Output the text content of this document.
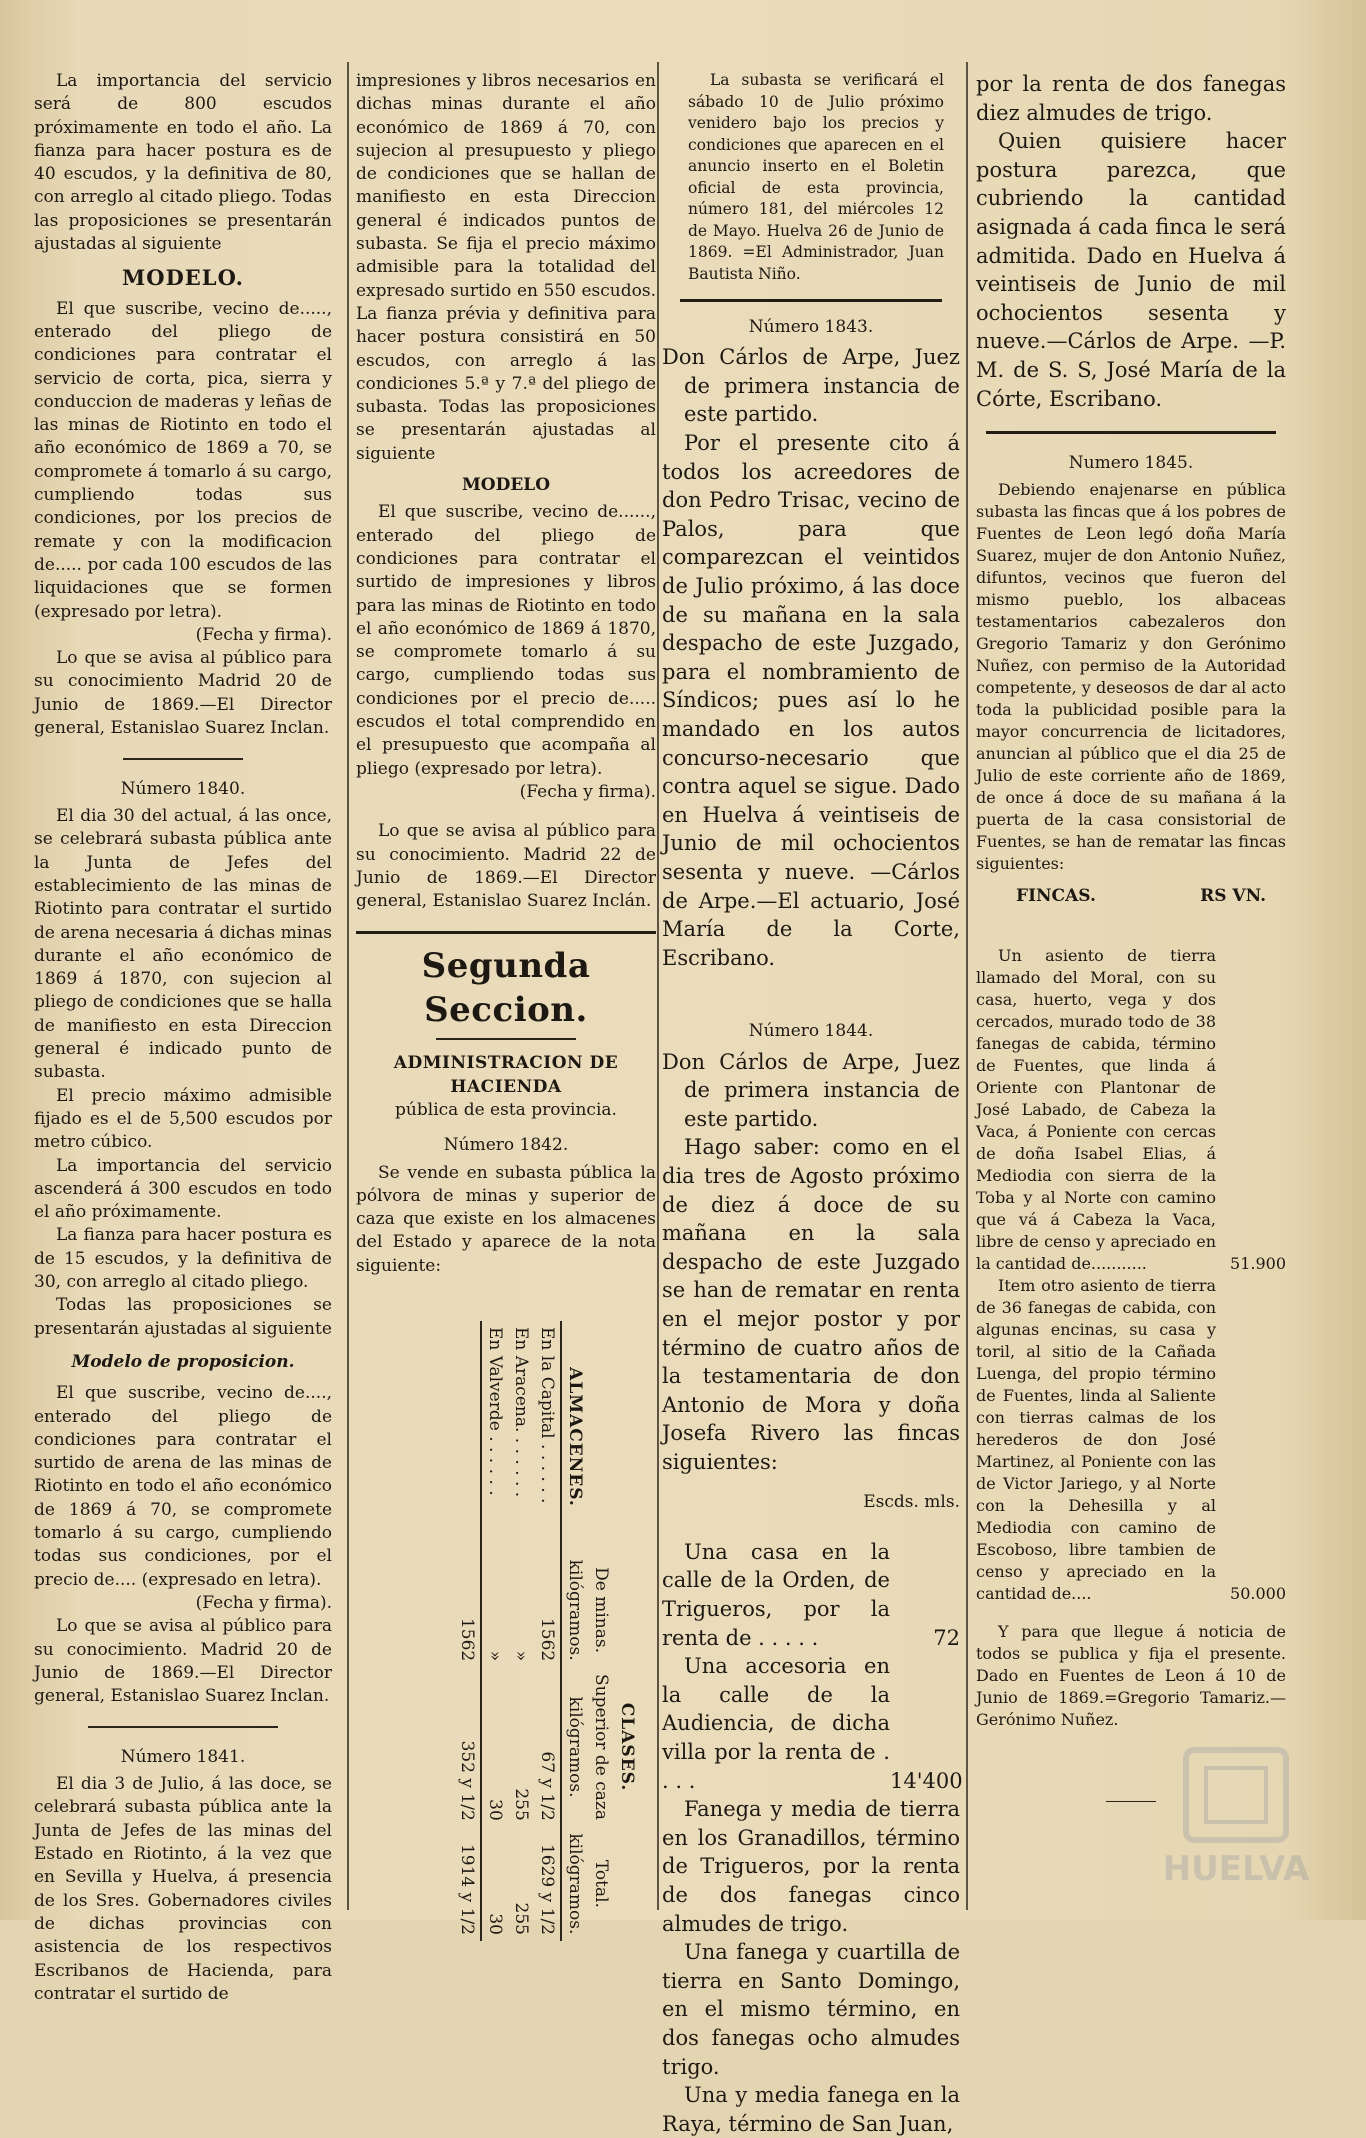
La importancia del servicio será de 800 escudos próximamente en todo el año. La fianza para hacer postura es de 40 escudos, y la definitiva de 80, con arreglo al citado pliego. Todas las proposiciones se presentarán ajustadas al siguiente

MODELO.

El que suscribe, vecino de....., enterado del pliego de condiciones para contratar el servicio de corta, pica, sierra y conduccion de maderas y leñas de las minas de Riotinto en todo el año económico de 1869 a 70, se compromete á tomarlo á su cargo, cumpliendo todas sus condiciones, por los precios de remate y con la modificacion de..... por cada 100 escudos de las liquidaciones que se formen (expresado por letra).

(Fecha y firma).

Lo que se avisa al público para su conocimiento Madrid 20 de Junio de 1869.—El Director general, Estanislao Suarez Inclan.

Número 1840.

El dia 30 del actual, á las once, se celebrará subasta pública ante la Junta de Jefes del establecimiento de las minas de Riotinto para contratar el surtido de arena necesaria á dichas minas durante el año económico de 1869 á 1870, con sujecion al pliego de condiciones que se halla de manifiesto en esta Direccion general é indicado punto de subasta.

El precio máximo admisible fijado es el de 5,500 escudos por metro cúbico.

La importancia del servicio ascenderá á 300 escudos en todo el año próximamente.

La fianza para hacer postura es de 15 escudos, y la definitiva de 30, con arreglo al citado pliego.

Todas las proposiciones se presentarán ajustadas al siguiente

Modelo de proposicion.

El que suscribe, vecino de...., enterado del pliego de condiciones para contratar el surtido de arena de las minas de Riotinto en todo el año económico de 1869 á 70, se compromete tomarlo á su cargo, cumpliendo todas sus condiciones, por el precio de.... (expresado en letra).

(Fecha y firma).

Lo que se avisa al público para su conocimiento. Madrid 20 de Junio de 1869.—El Director general, Estanislao Suarez Inclan.

Número 1841.

El dia 3 de Julio, á las doce, se celebrará subasta pública ante la Junta de Jefes de las minas del Estado en Riotinto, á la vez que en Sevilla y Huelva, á presencia de los Sres. Gobernadores civiles de dichas provincias con asistencia de los respectivos Escribanos de Hacienda, para contratar el surtido de

impresiones y libros necesarios en dichas minas durante el año económico de 1869 á 70, con sujecion al presupuesto y pliego de condiciones que se hallan de manifiesto en esta Direccion general é indicados puntos de subasta. Se fija el precio máximo admisible para la totalidad del expresado surtido en 550 escudos. La fianza prévia y definitiva para hacer postura consistirá en 50 escudos, con arreglo á las condiciones 5.ª y 7.ª del pliego de subasta. Todas las proposiciones se presentarán ajustadas al siguiente

MODELO

El que suscribe, vecino de......, enterado del pliego de condiciones para contratar el surtido de impresiones y libros para las minas de Riotinto en todo el año económico de 1869 á 1870, se compromete tomarlo á su cargo, cumpliendo todas sus condiciones por el precio de..... escudos el total comprendido en el presupuesto que acompaña al pliego (expresado por letra).

(Fecha y firma).

Lo que se avisa al público para su conocimiento. Madrid 22 de Junio de 1869.—El Director general, Estanislao Suarez Inclán.

Segunda Seccion.
ADMINISTRACION DE HACIENDA
pública de esta provincia.
Número 1842.

Se vende en subasta pública la pólvora de minas y superior de caza que existe en los almacenes del Estado y aparece de la nota siguiente:

ALMACENES.	CLASES.		
	De minas.	Superior de caza	Total.
	kilógramos.	kilógramos.	kilógramos.
En la Capital . . . . . .	1562	67 y 1/2	1629 y 1/2
En Aracena. . . . . . .	»	255	255
En Valverde . . . . . .	»	30	30
	1562	352 y 1/2	1914 y 1/2

La subasta se verificará el sábado 10 de Julio próximo venidero bajo los precios y condiciones que aparecen en el anuncio inserto en el Boletin oficial de esta provincia, número 181, del miércoles 12 de Mayo. Huelva 26 de Junio de 1869. =El Administrador, Juan Bautista Niño.

Número 1843.

Don Cárlos de Arpe, Juez de primera instancia de este partido.

Por el presente cito á todos los acreedores de don Pedro Trisac, vecino de Palos, para que comparezcan el veintidos de Julio próximo, á las doce de su mañana en la sala despacho de este Juzgado, para el nombramiento de Síndicos; pues así lo he mandado en los autos concurso-necesario que contra aquel se sigue. Dado en Huelva á veintiseis de Junio de mil ochocientos sesenta y nueve. —Cárlos de Arpe.—El actuario, José María de la Corte, Escribano.

Número 1844.

Don Cárlos de Arpe, Juez de primera instancia de este partido.

Hago saber: como en el dia tres de Agosto próximo de diez á doce de su mañana en la sala despacho de este Juzgado se han de rematar en renta en el mejor postor y por término de cuatro años de la testamentaria de don Antonio de Mora y doña Josefa Rivero las fincas siguientes:

Escds. mls.

Una casa en la calle de la Orden, de Trigueros, por la renta de . . . . .	72

Una accesoria en la calle de la Audiencia, de dicha villa por la renta de . . . .	14'400

Fanega y media de tierra en los Granadillos, término de Trigueros, por la renta de dos fanegas cinco almudes de trigo.

Una fanega y cuartilla de tierra en Santo Domingo, en el mismo término, en dos fanegas ocho almudes trigo.

Una y media fanega en la Raya, término de San Juan,

por la renta de dos fanegas diez almudes de trigo.

Quien quisiere hacer postura parezca, que cubriendo la cantidad asignada á cada finca le será admitida. Dado en Huelva á veintiseis de Junio de mil ochocientos sesenta y nueve.—Cárlos de Arpe. —P. M. de S. S, José María de la Córte, Escribano.

Numero 1845.

Debiendo enajenarse en pública subasta las fincas que á los pobres de Fuentes de Leon legó doña María Suarez, mujer de don Antonio Nuñez, difuntos, vecinos que fueron del mismo pueblo, los albaceas testamentarios cabezaleros don Gregorio Tamariz y don Gerónimo Nuñez, con permiso de la Autoridad competente, y deseosos de dar al acto toda la publicidad posible para la mayor concurrencia de licitadores, anuncian al público que el dia 25 de Julio de este corriente año de 1869, de once á doce de su mañana á la puerta de la casa consistorial de Fuentes, se han de rematar las fincas siguientes:

FINCAS.	RS VN.

Un asiento de tierra llamado del Moral, con su casa, huerto, vega y dos cercados, murado todo de 38 fanegas de cabida, término de Fuentes, que linda á Oriente con Plantonar de José Labado, de Cabeza la Vaca, á Poniente con cercas de doña Isabel Elias, á Mediodia con sierra de la Toba y al Norte con camino que vá á Cabeza la Vaca, libre de censo y apreciado en la cantidad de...........	51.900

Item otro asiento de tierra de 36 fanegas de cabida, con algunas encinas, su casa y toril, al sitio de la Cañada Luenga, del propio término de Fuentes, linda al Saliente con tierras calmas de los herederos de don José Martinez, al Poniente con las de Victor Jariego, y al Norte con la Dehesilla y al Mediodia con camino de Escoboso, libre tambien de censo y apreciado en la cantidad de....	50.000

Y para que llegue á noticia de todos se publica y fija el presente. Dado en Fuentes de Leon á 10 de Junio de 1869.=Gregorio Tamariz.— Gerónimo Nuñez.

HUELVA
